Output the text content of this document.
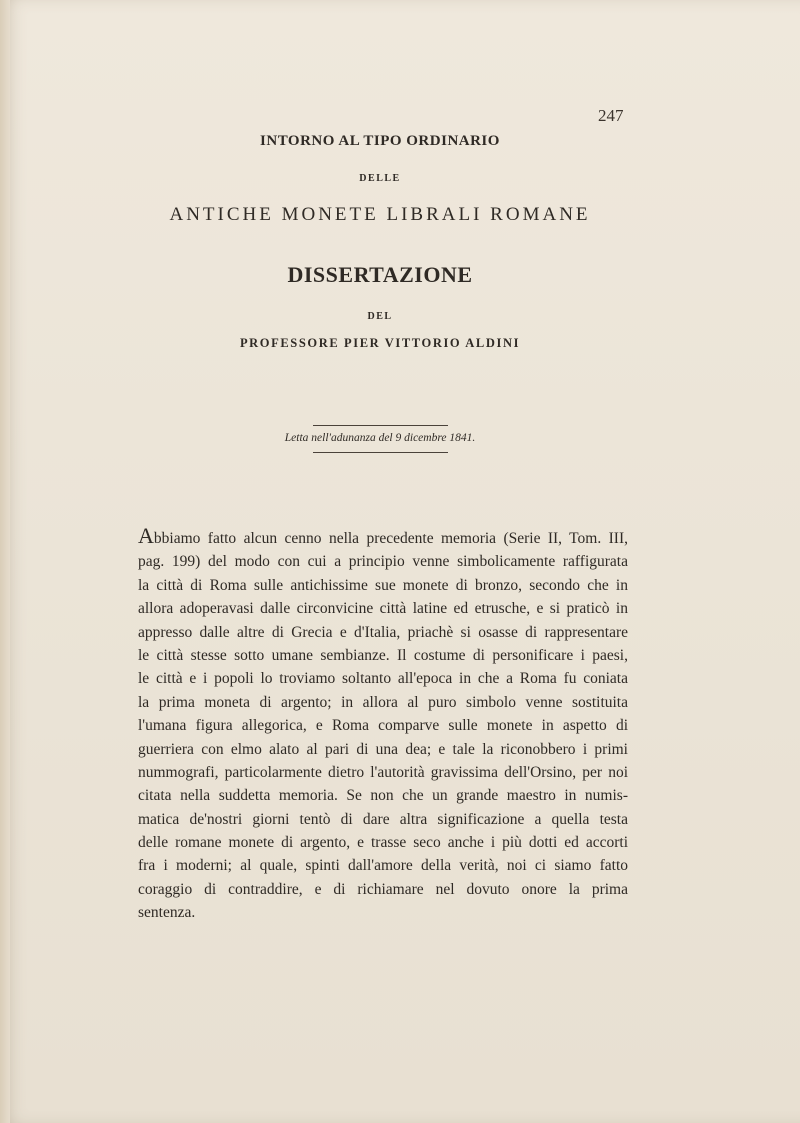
247
INTORNO AL TIPO ORDINARIO
DELLE
ANTICHE MONETE LIBRALI ROMANE
DISSERTAZIONE
DEL
PROFESSORE PIER VITTORIO ALDINI
Letta nell'adunanza del 9 dicembre 1841.
Abbiamo fatto alcun cenno nella precedente memoria (Serie II, Tom. III,
pag. 199) del modo con cui a principio venne simbolicamente raffigurata
la città di Roma sulle antichissime sue monete di bronzo, secondo che in
allora adoperavasi dalle circonvicine città latine ed etrusche, e si praticò in
appresso dalle altre di Grecia e d'Italia, priachè si osasse di rappresentare
le città stesse sotto umane sembianze. Il costume di personificare i paesi,
le città e i popoli lo troviamo soltanto all'epoca in che a Roma fu coniata
la prima moneta di argento; in allora al puro simbolo venne sostituita
l'umana figura allegorica, e Roma comparve sulle monete in aspetto di
guerriera con elmo alato al pari di una dea; e tale la riconobbero i primi
nummografi, particolarmente dietro l'autorità gravissima dell'Orsino, per noi
citata nella suddetta memoria. Se non che un grande maestro in numis-
matica de'nostri giorni tentò di dare altra significazione a quella testa
delle romane monete di argento, e trasse seco anche i più dotti ed accorti
fra i moderni; al quale, spinti dall'amore della verità, noi ci siamo fatto
coraggio di contraddire, e di richiamare nel dovuto onore la prima
sentenza.
